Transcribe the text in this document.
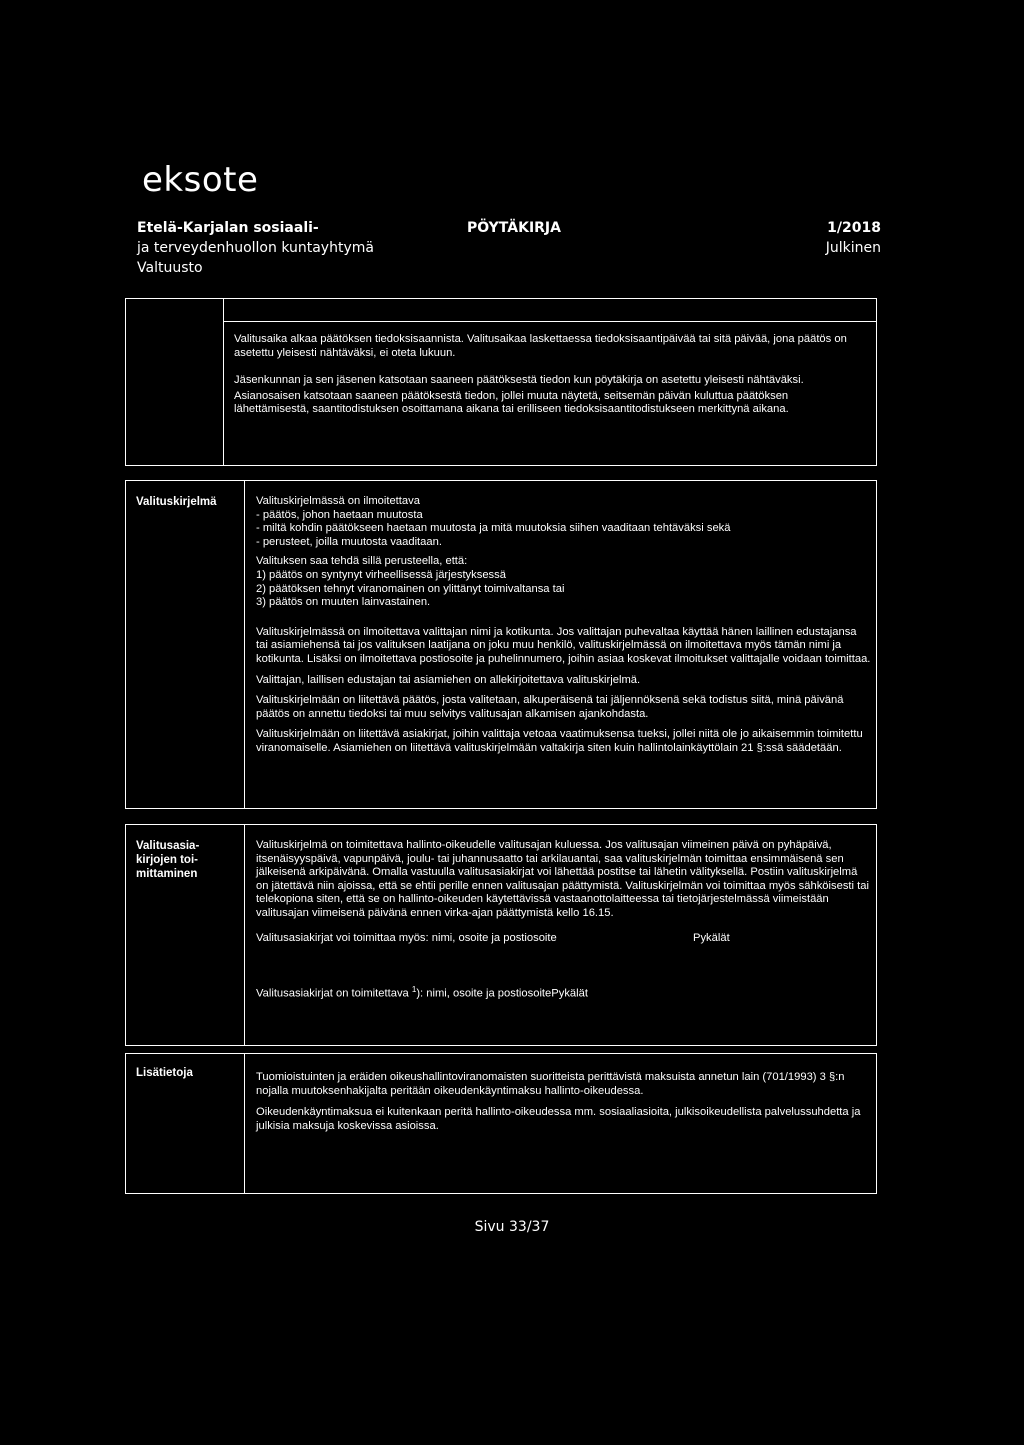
eksote
Etelä-Karjalan sosiaali-
ja terveydenhuollon kuntayhtymä
Valtuusto
PÖYTÄKIRJA	1/2018
Julkinen

Valitusaika alkaa päätöksen tiedoksisaannista. Valitusaikaa laskettaessa tiedoksisaantipäivää tai sitä päivää, jona päätös on asetettu yleisesti nähtäväksi, ei oteta lukuun.

Jäsenkunnan ja sen jäsenen katsotaan saaneen päätöksestä tiedon kun pöytäkirja on asetettu yleisesti nähtäväksi.

Asianosaisen katsotaan saaneen päätöksestä tiedon, jollei muuta näytetä, seitsemän päivän kuluttua päätöksen lähettämisestä, saantitodistuksen osoittamana aikana tai erilliseen tiedoksisaantitodistukseen merkittynä aikana.

Valituskirjelmä	Valituskirjelmässä on ilmoitettava

- päätös, johon haetaan muutosta

- miltä kohdin päätökseen haetaan muutosta ja mitä muutoksia siihen vaaditaan tehtäväksi sekä

- perusteet, joilla muutosta vaaditaan.

Valituksen saa tehdä sillä perusteella, että:

1) päätös on syntynyt virheellisessä järjestyksessä

2) päätöksen tehnyt viranomainen on ylittänyt toimivaltansa tai

3) päätös on muuten lainvastainen.

Valituskirjelmässä on ilmoitettava valittajan nimi ja kotikunta. Jos valittajan puhevaltaa käyttää hänen laillinen edustajansa tai asiamiehensä tai jos valituksen laatijana on joku muu henkilö, valituskirjelmässä on ilmoitettava myös tämän nimi ja kotikunta. Lisäksi on ilmoitettava postiosoite ja puhelinnumero, joihin asiaa koskevat ilmoitukset valittajalle voidaan toimittaa.

Valittajan, laillisen edustajan tai asiamiehen on allekirjoitettava valituskirjelmä.

Valituskirjelmään on liitettävä päätös, josta valitetaan, alkuperäisenä tai jäljennöksenä sekä todistus siitä, minä päivänä päätös on annettu tiedoksi tai muu selvitys valitusajan alkamisen ajankohdasta.

Valituskirjelmään on liitettävä asiakirjat, joihin valittaja vetoaa vaatimuksensa tueksi, jollei niitä ole jo aikaisemmin toimitettu viranomaiselle. Asiamiehen on liitettävä valituskirjelmään valtakirja siten kuin hallintolainkäyttölain 21 §:ssä säädetään.

Valitusasia-
kirjojen toi-
mittaminen

Valituskirjelmä on toimitettava hallinto-oikeudelle valitusajan kuluessa. Jos valitusajan viimeinen päivä on pyhäpäivä, itsenäisyyspäivä, vapunpäivä, joulu- tai juhannusaatto tai arkilauantai, saa valituskirjelmän toimittaa ensimmäisenä sen jälkeisenä arkipäivänä. Omalla vastuulla valitusasiakirjat voi lähettää postitse tai lähetin välityksellä. Postiin valituskirjelmä on jätettävä niin ajoissa, että se ehtii perille ennen valitusajan päättymistä. Valituskirjelmän voi toimittaa myös sähköisesti tai telekopiona siten, että se on hallinto-oikeuden käytettävissä vastaanottolaitteessa tai tietojärjestelmässä viimeistään valitusajan viimeisenä päivänä ennen virka-ajan päättymistä kello 16.15.

Valitusasiakirjat voi toimittaa myös: nimi, osoite ja postiosoite	Pykälät
Valitusasiakirjat on toimitettava $^1$): nimi, osoite ja postiosoitePykälät
Lisätietoja	Tuomioistuinten ja eräiden oikeushallintoviranomaisten suoritteista perittävistä maksuista annetun lain (701/1993) 3 §:n nojalla muutoksenhakijalta peritään oikeudenkäyntimaksu hallinto-oikeudessa.

Oikeudenkäyntimaksua ei kuitenkaan peritä hallinto-oikeudessa mm. sosiaaliasioita, julkisoikeudellista palvelussuhdetta ja julkisia maksuja koskevissa asioissa.

Sivu 33/37
